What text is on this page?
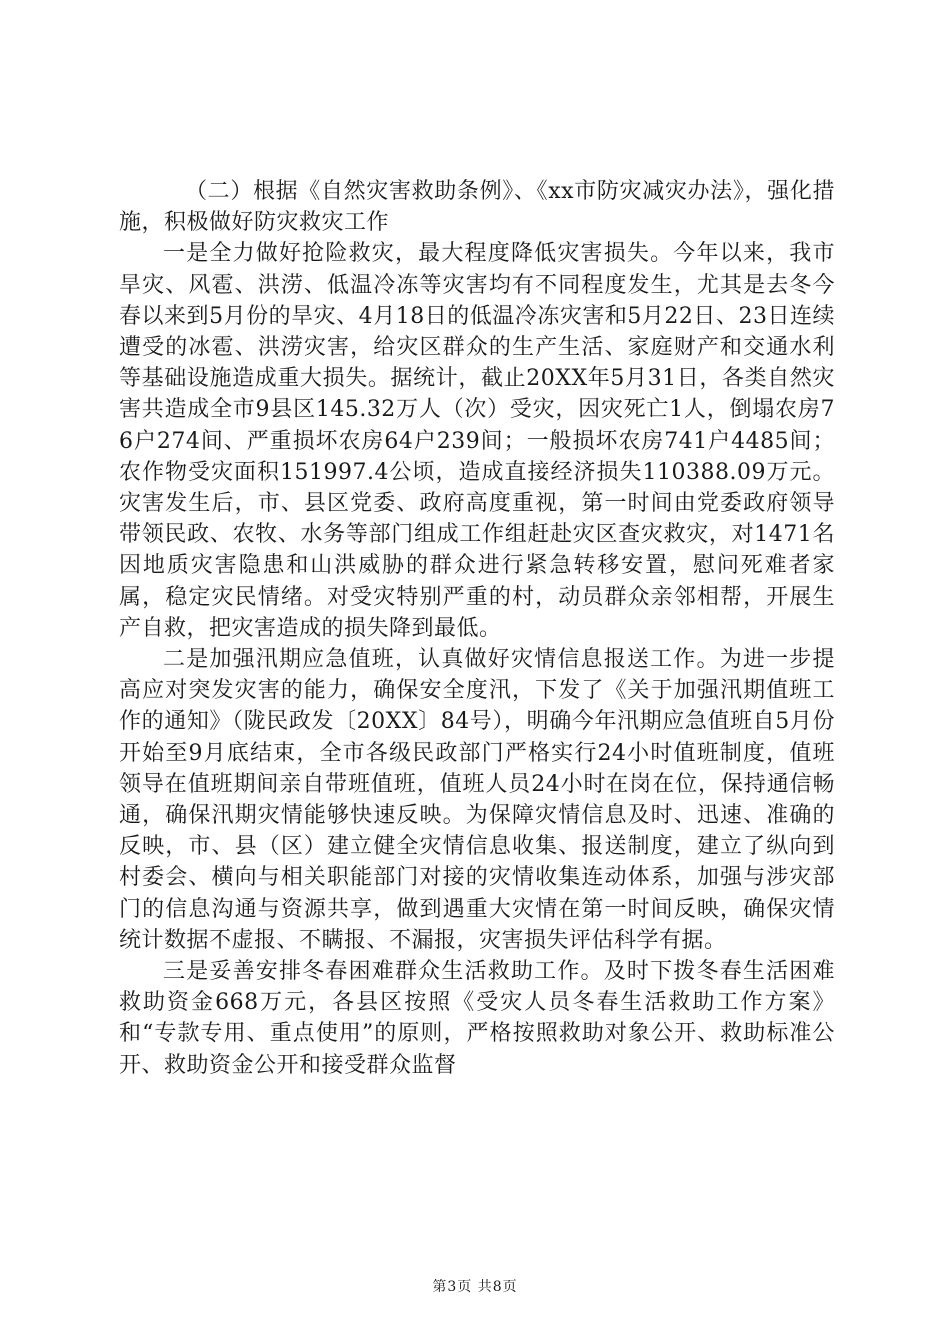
（二）根据《自然灾害救助条例》、《xx市防灾减灾办法》，强化措施，积极做好防灾救灾工作

一是全力做好抢险救灾，最大程度降低灾害损失。今年以来，我市旱灾、风雹、洪涝、低温冷冻等灾害均有不同程度发生，尤其是去冬今春以来到5月份的旱灾、4月18日的低温冷冻灾害和5月22日、23日连续遭受的冰雹、洪涝灾害，给灾区群众的生产生活、家庭财产和交通水利等基础设施造成重大损失。据统计，截止20XX年5月31日，各类自然灾害共造成全市9县区145.32万人（次）受灾，因灾死亡1人，倒塌农房76户274间、严重损坏农房64户239间；一般损坏农房741户4485间；农作物受灾面积151997.4公顷，造成直接经济损失110388.09万元。灾害发生后，市、县区党委、政府高度重视，第一时间由党委政府领导带领民政、农牧、水务等部门组成工作组赶赴灾区查灾救灾，对1471名因地质灾害隐患和山洪威胁的群众进行紧急转移安置，慰问死难者家属，稳定灾民情绪。对受灾特别严重的村，动员群众亲邻相帮，开展生产自救，把灾害造成的损失降到最低。

二是加强汛期应急值班，认真做好灾情信息报送工作。为进一步提高应对突发灾害的能力，确保安全度汛，下发了《关于加强汛期值班工作的通知》（陇民政发〔20XX〕84号），明确今年汛期应急值班自5月份开始至9月底结束，全市各级民政部门严格实行24小时值班制度，值班领导在值班期间亲自带班值班，值班人员24小时在岗在位，保持通信畅通，确保汛期灾情能够快速反映。为保障灾情信息及时、迅速、准确的反映，市、县（区）建立健全灾情信息收集、报送制度，建立了纵向到村委会、横向与相关职能部门对接的灾情收集连动体系，加强与涉灾部门的信息沟通与资源共享，做到遇重大灾情在第一时间反映，确保灾情统计数据不虚报、不瞒报、不漏报，灾害损失评估科学有据。

三是妥善安排冬春困难群众生活救助工作。及时下拨冬春生活困难救助资金668万元，各县区按照《受灾人员冬春生活救助工作方案》和“专款专用、重点使用”的原则，严格按照救助对象公开、救助标准公开、救助资金公开和接受群众监督

第3页 共8页
